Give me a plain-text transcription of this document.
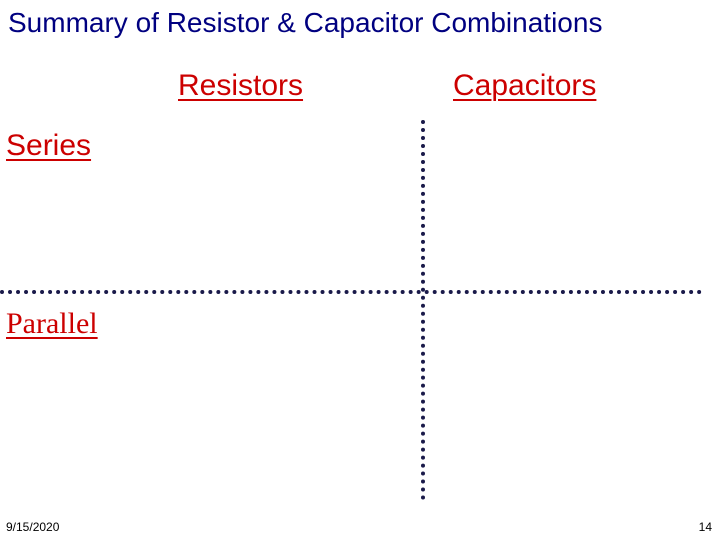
Summary of Resistor & Capacitor Combinations
Resistors	Capacitors
Series
Parallel
9/15/2020	14
